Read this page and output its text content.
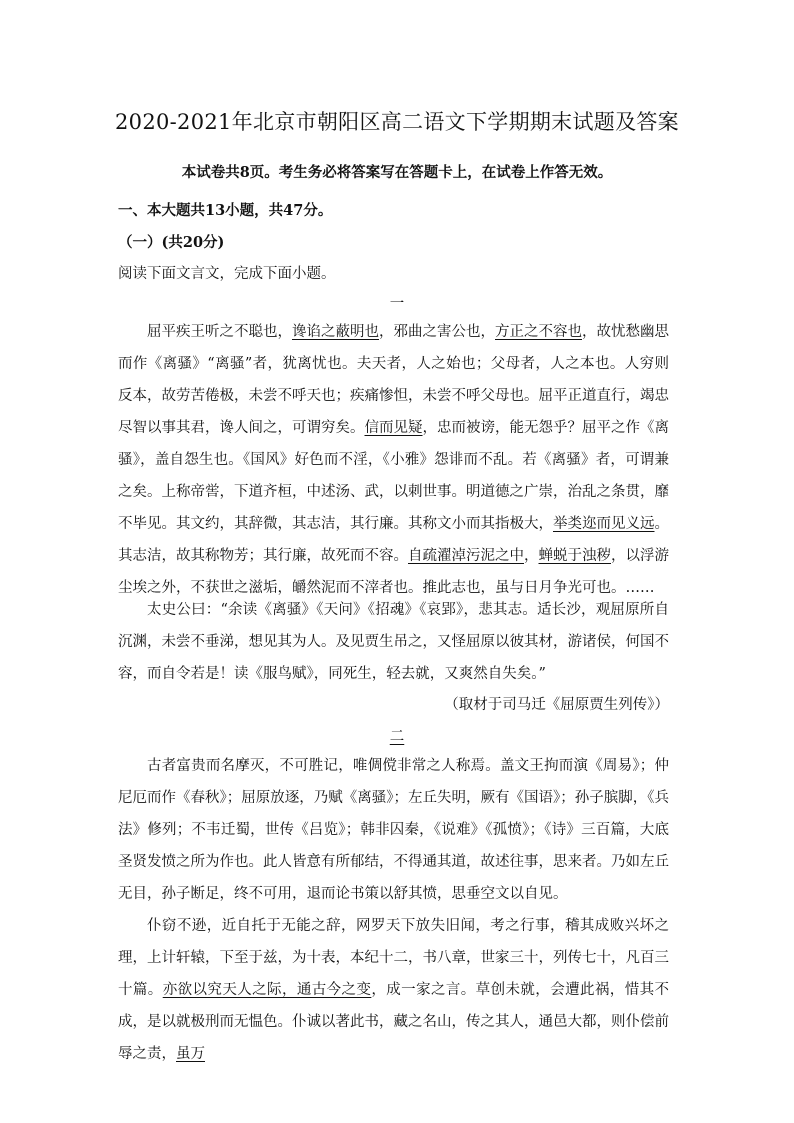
2020-2021年北京市朝阳区高二语文下学期期末试题及答案
本试卷共8页。考生务必将答案写在答题卡上，在试卷上作答无效。
一、本大题共13小题，共47分。
（一）(共20分)
阅读下面文言文，完成下面小题。
一
屈平疾王听之不聪也，谗谄之蔽明也，邪曲之害公也，方正之不容也，故忧愁幽思而作《离骚》“离骚”者，犹离忧也。夫天者，人之始也；父母者，人之本也。人穷则反本，故劳苦倦极，未尝不呼天也；疾痛惨怛，未尝不呼父母也。屈平正道直行，竭忠尽智以事其君，谗人间之，可谓穷矣。信而见疑，忠而被谤，能无怨乎？屈平之作《离骚》，盖自怨生也。《国风》好色而不淫，《小雅》怨诽而不乱。若《离骚》者，可谓兼之矣。上称帝喾，下道齐桓，中述汤、武，以刺世事。明道德之广崇，治乱之条贯，靡不毕见。其文约，其辞微，其志洁，其行廉。其称文小而其指极大，举类迩而见义远。其志洁，故其称物芳；其行廉，故死而不容。自疏濯淖污泥之中，蝉蜕于浊秽，以浮游尘埃之外，不获世之滋垢，皭然泥而不滓者也。推此志也，虽与日月争光可也。……
太史公曰：“余读《离骚》《天问》《招魂》《哀郢》，悲其志。适长沙，观屈原所自沉渊，未尝不垂涕，想见其为人。及见贾生吊之，又怪屈原以彼其材，游诸侯，何国不容，而自令若是！读《服鸟赋》，同死生，轻去就，又爽然自失矣。”
（取材于司马迁《屈原贾生列传》）
二
古者富贵而名摩灭，不可胜记，唯倜傥非常之人称焉。盖文王拘而演《周易》；仲尼厄而作《春秋》；屈原放逐，乃赋《离骚》；左丘失明，厥有《国语》；孙子膑脚，《兵法》修列；不韦迁蜀，世传《吕览》；韩非囚秦，《说难》《孤愤》；《诗》三百篇，大底圣贤发愤之所为作也。此人皆意有所郁结，不得通其道，故述往事，思来者。乃如左丘无目，孙子断足，终不可用，退而论书策以舒其愤，思垂空文以自见。
仆窃不逊，近自托于无能之辞，网罗天下放失旧闻，考之行事，稽其成败兴坏之理，上计轩辕，下至于兹，为十表，本纪十二，书八章，世家三十，列传七十，凡百三十篇。亦欲以究天人之际，通古今之变，成一家之言。草创未就，会遭此祸，惜其不成，是以就极刑而无愠色。仆诚以著此书，藏之名山，传之其人，通邑大都，则仆偿前辱之责，虽万
